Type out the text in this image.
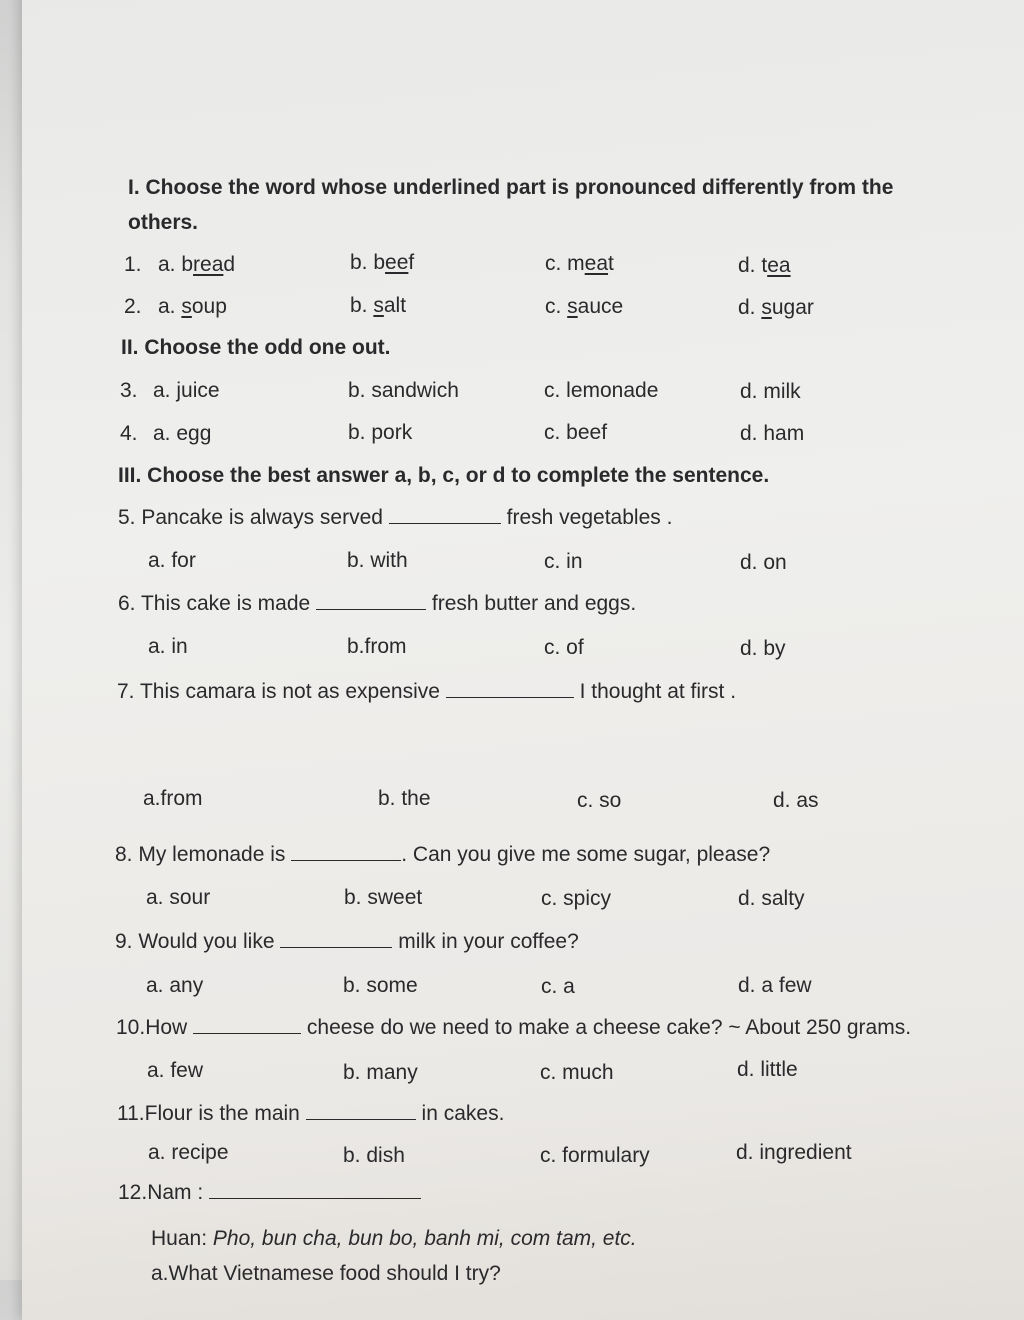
I. Choose the word whose underlined part is pronounced differently from the
others.
1. a. bread	b. beef	c. meat	d. tea
2. a. soup	b. salt	c. sauce	d. sugar
II. Choose the odd one out.
3. a. juice	b. sandwich	c. lemonade	d. milk
4. a. egg	b. pork	c. beef	d. ham
III. Choose the best answer a, b, c, or d to complete the sentence.
5. Pancake is always served	fresh vegetables .
a. for	b. with	c. in	d. on
6. This cake is made	fresh butter and eggs.
a. in	b.from	c. of	d. by
7. This camara is not as expensive	I thought at first .
a.from	b. the	c. so	d. as
8. My lemonade is	. Can you give me some sugar, please?
a. sour	b. sweet	c. spicy	d. salty
9. Would you like	milk in your coffee?
a. any	b. some	c. a	d. a few
10.How	cheese do we need to make a cheese cake? ~ About 250 grams.
a. few	b. many	c. much	d. little
11.Flour is the main	in cakes.
a. recipe	b. dish	c. formulary	d. ingredient
12.Nam :
Huan: Pho, bun cha, bun bo, banh mi, com tam, etc.
a.What Vietnamese food should I try?
